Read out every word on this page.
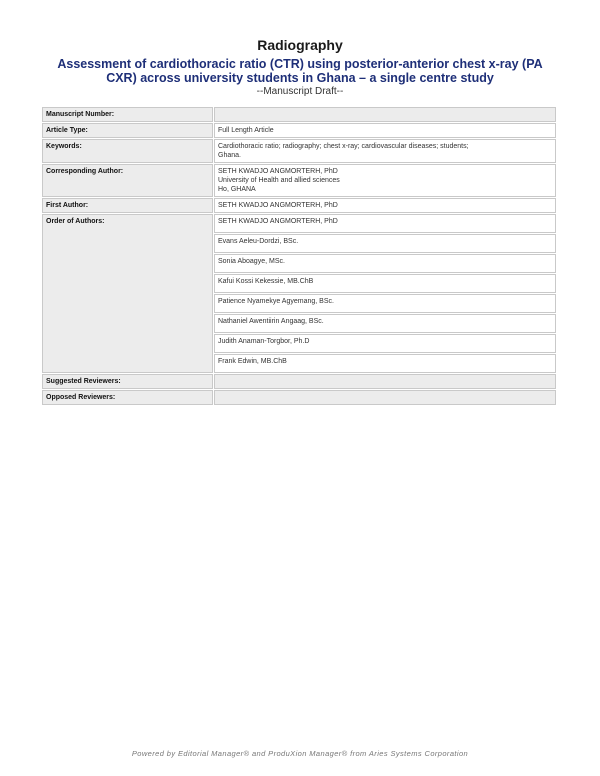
Radiography
Assessment of cardiothoracic ratio (CTR) using posterior-anterior chest x-ray (PA
CXR) across university students in Ghana – a single centre study
--Manuscript Draft--
Manuscript Number:	
Article Type:	Full Length Article
Keywords:	Cardiothoracic ratio; radiography; chest x-ray; cardiovascular diseases; students;
Ghana.

Corresponding Author:	SETH KWADJO ANGMORTERH, PhD
University of Health and allied sciences
Ho, GHANA

First Author:	SETH KWADJO ANGMORTERH, PhD
Order of Authors:	SETH KWADJO ANGMORTERH, PhD
	Evans Aeleu-Dordzi, BSc.
	Sonia Aboagye, MSc.
	Kafui Kossi Kekessie, MB.ChB
	Patience Nyamekye Agyemang, BSc.
	Nathaniel Awentiirin Angaag, BSc.
	Judith Anaman-Torgbor, Ph.D
	Frank Edwin, MB.ChB
Suggested Reviewers:	
Opposed Reviewers:	
Powered by Editorial Manager® and ProduXion Manager® from Aries Systems Corporation
